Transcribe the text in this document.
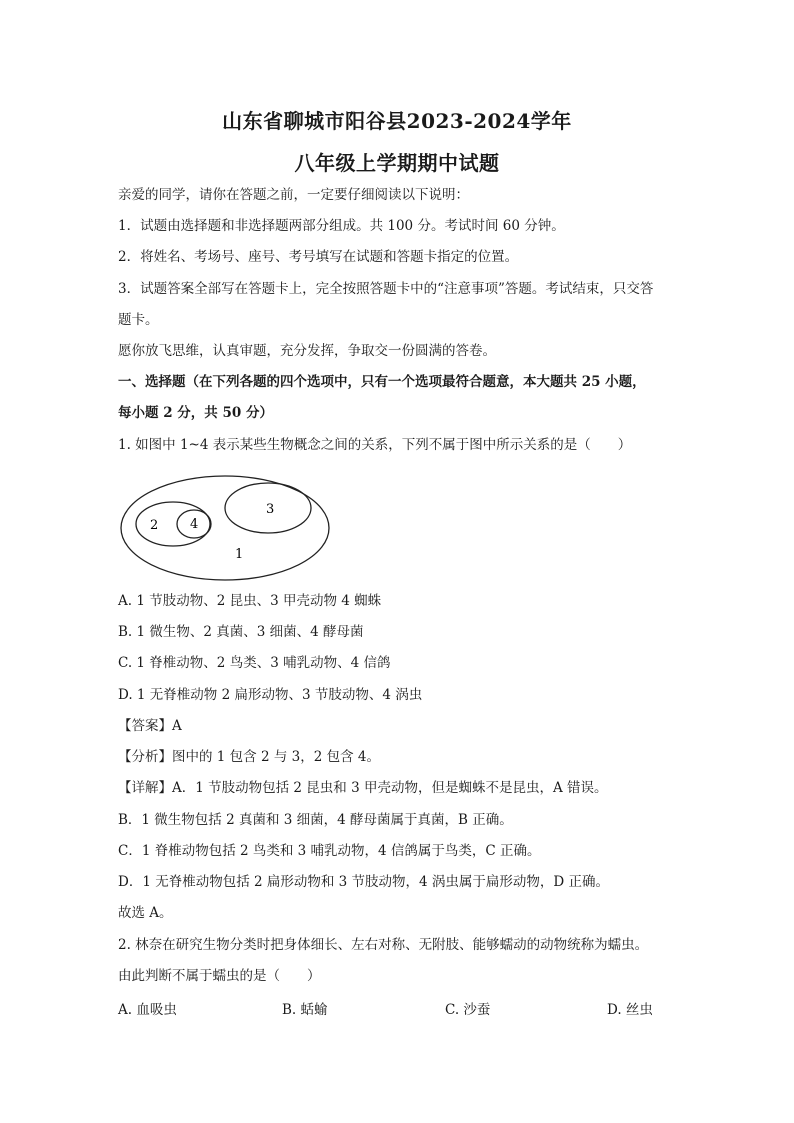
山东省聊城市阳谷县2023-2024学年
八年级上学期期中试题
亲爱的同学，请你在答题之前，一定要仔细阅读以下说明：
1．试题由选择题和非选择题两部分组成。共 100 分。考试时间 60 分钟。
2．将姓名、考场号、座号、考号填写在试题和答题卡指定的位置。
3．试题答案全部写在答题卡上，完全按照答题卡中的“注意事项”答题。考试结束，只交答
题卡。
愿你放飞思维，认真审题，充分发挥，争取交一份圆满的答卷。
一、选择题（在下列各题的四个选项中，只有一个选项最符合题意，本大题共 25 小题，
每小题 2 分，共 50 分）
1. 如图中 1~4 表示某些生物概念之间的关系，下列不属于图中所示关系的是（　　）
2 4
3
1
A. 1 节肢动物、2 昆虫、3 甲壳动物 4 蜘蛛
B. 1 微生物、2 真菌、3 细菌、4 酵母菌
C. 1 脊椎动物、2 鸟类、3 哺乳动物、4 信鸽
D. 1 无脊椎动物 2 扁形动物、3 节肢动物、4 涡虫
【答案】A
【分析】图中的 1 包含 2 与 3，2 包含 4。
【详解】A．1 节肢动物包括 2 昆虫和 3 甲壳动物，但是蜘蛛不是昆虫，A 错误。
B．1 微生物包括 2 真菌和 3 细菌，4 酵母菌属于真菌，B 正确。
C．1 脊椎动物包括 2 鸟类和 3 哺乳动物，4 信鸽属于鸟类，C 正确。
D．1 无脊椎动物包括 2 扁形动物和 3 节肢动物，4 涡虫属于扁形动物，D 正确。
故选 A。
2. 林奈在研究生物分类时把身体细长、左右对称、无附肢、能够蠕动的动物统称为蠕虫。
由此判断不属于蠕虫的是（　　）
A. 血吸虫	B. 蛞蝓	C. 沙蚕	D. 丝虫
